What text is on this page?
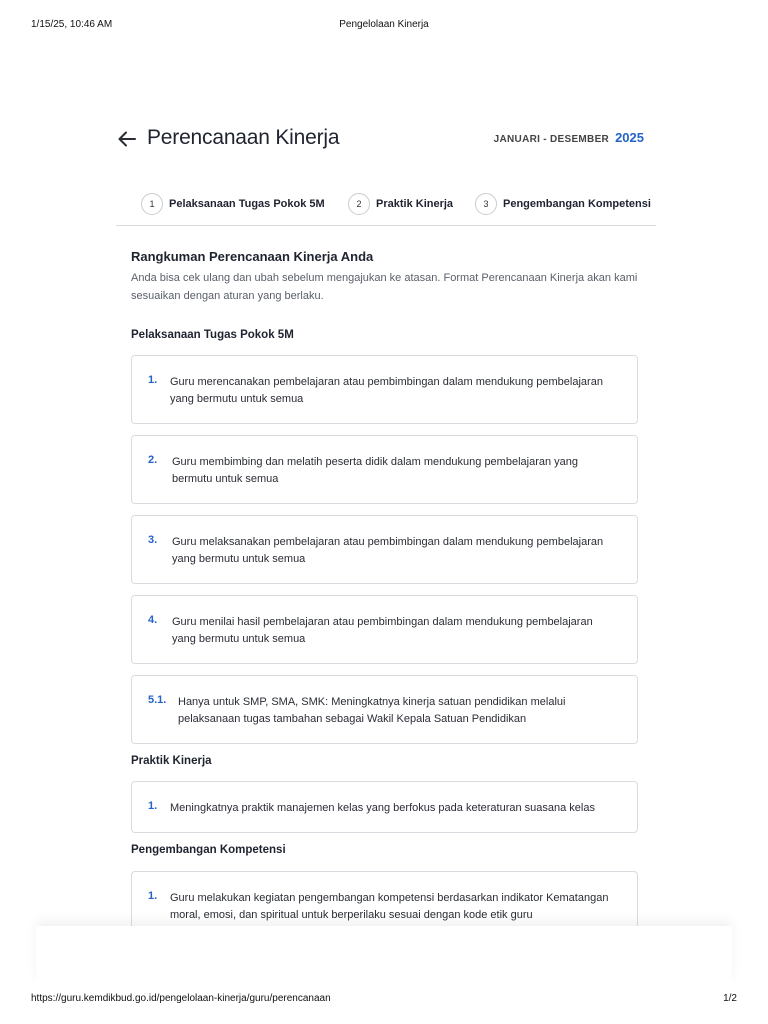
1/15/25, 10:46 AM	Pengelolaan Kinerja
Perencanaan Kinerja	JANUARI - DESEMBER 2025
1	Pelaksanaan Tugas Pokok 5M	2	Praktik Kinerja	3	Pengembangan Kompetensi
Rangkuman Perencanaan Kinerja Anda
Anda bisa cek ulang dan ubah sebelum mengajukan ke atasan. Format Perencanaan Kinerja akan kami sesuaikan dengan aturan yang berlaku.
Pelaksanaan Tugas Pokok 5M
1. Guru merencanakan pembelajaran atau pembimbingan dalam mendukung pembelajaran yang bermutu untuk semua
2. Guru membimbing dan melatih peserta didik dalam mendukung pembelajaran yang bermutu untuk semua
3. Guru melaksanakan pembelajaran atau pembimbingan dalam mendukung pembelajaran yang bermutu untuk semua
4. Guru menilai hasil pembelajaran atau pembimbingan dalam mendukung pembelajaran yang bermutu untuk semua
5.1. Hanya untuk SMP, SMA, SMK: Meningkatnya kinerja satuan pendidikan melalui pelaksanaan tugas tambahan sebagai Wakil Kepala Satuan Pendidikan
Praktik Kinerja
1. Meningkatnya praktik manajemen kelas yang berfokus pada keteraturan suasana kelas
Pengembangan Kompetensi
1. Guru melakukan kegiatan pengembangan kompetensi berdasarkan indikator Kematangan moral, emosi, dan spiritual untuk berperilaku sesuai dengan kode etik guru
https://guru.kemdikbud.go.id/pengelolaan-kinerja/guru/perencanaan	1/2
